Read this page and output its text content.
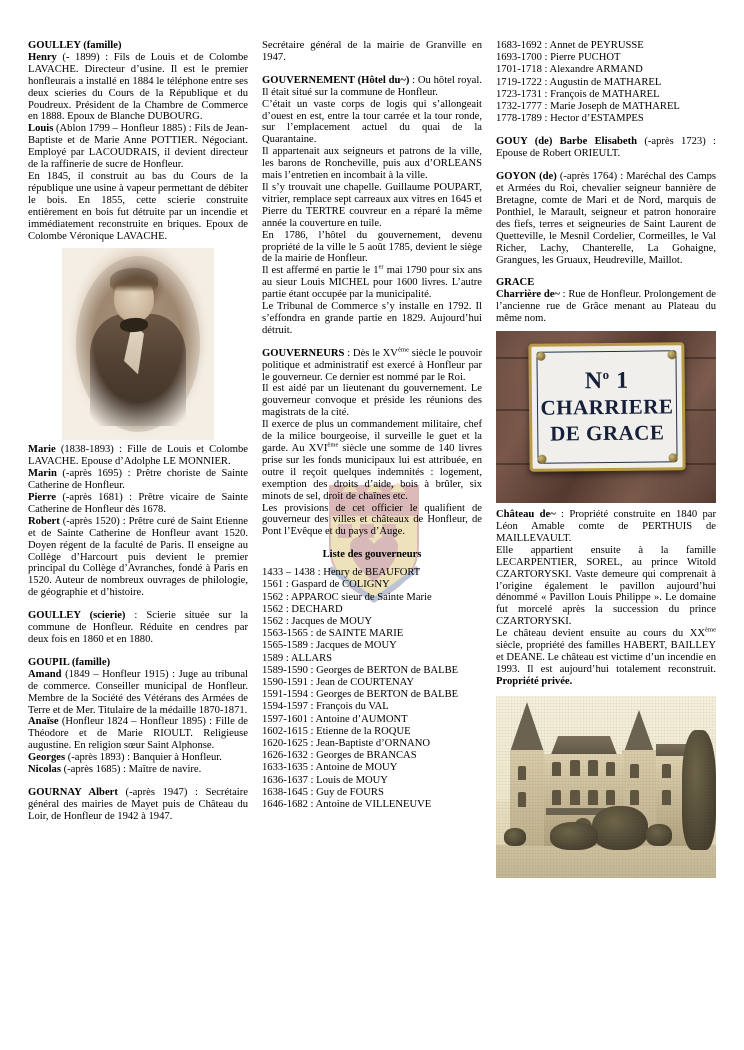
GOULLEY (famille)

Henry (- 1899) : Fils de Louis et de Colombe LAVACHE. Directeur d’usine. Il est le premier honfleurais a installé en 1884 le téléphone entre ses deux scieries du Cours de la République et du Poudreux. Président de la Chambre de Commerce en 1888. Epoux de Blanche DUBOURG.

Louis (Ablon 1799 – Honfleur 1885) : Fils de Jean-Baptiste et de Marie Anne POTTIER. Négociant. Employé par LACOUDRAIS, il devient directeur de la raffinerie de sucre de Honfleur.

En 1845, il construit au bas du Cours de la république une usine à vapeur permettant de débiter le bois. En 1855, cette scierie construite entièrement en bois fut détruite par un incendie et immédiatement reconstruite en briques. Epoux de Colombe Véronique LAVACHE.

Marie (1838-1893) : Fille de Louis et Colombe LAVACHE. Epouse d’Adolphe LE MONNIER.

Marin (-après 1695) : Prêtre choriste de Sainte Catherine de Honfleur.

Pierre (-après 1681) : Prêtre vicaire de Sainte Catherine de Honfleur dès 1678.

Robert (-après 1520) : Prêtre curé de Saint Etienne et de Sainte Catherine de Honfleur avant 1520. Doyen régent de la faculté de Paris. Il enseigne au Collège d’Harcourt puis devient le premier principal du Collège d’Avranches, fondé à Paris en 1520. Auteur de nombreux ouvrages de philologie, de géographie et d’histoire.

GOULLEY (scierie) : Scierie située sur la commune de Honfleur. Réduite en cendres par deux fois en 1860 et en 1880.

GOUPIL (famille)

Amand (1849 – Honfleur 1915) : Juge au tribunal de commerce. Conseiller municipal de Honfleur. Membre de la Société des Vétérans des Armées de Terre et de Mer. Titulaire de la médaille 1870-1871.

Anaïse (Honfleur 1824 – Honfleur 1895) : Fille de Théodore et de Marie RIOULT. Religieuse augustine. En religion sœur Saint Alphonse.

Georges (-après 1893) : Banquier à Honfleur.

Nicolas (-après 1685) : Maître de navire.

GOURNAY Albert (-après 1947) : Secrétaire général des mairies de Mayet puis de Château du Loir, de Honfleur de 1942 à 1947.

Secrétaire général de la mairie de Granville en 1947.

GOUVERNEMENT (Hôtel du~) : Ou hôtel royal. Il était situé sur la commune de Honfleur.

C’était un vaste corps de logis qui s’allongeait d’ouest en est, entre la tour carrée et la tour ronde, sur l’emplacement actuel du quai de la Quarantaine.

Il appartenait aux seigneurs et patrons de la ville, les barons de Roncheville, puis aux d’ORLEANS mais l’entretien en incombait à la ville.

Il s’y trouvait une chapelle. Guillaume POUPART, vitrier, remplace sept carreaux aux vitres en 1645 et Pierre du TERTRE couvreur en a réparé la même année la couverture en tuile.

En 1786, l’hôtel du gouvernement, devenu propriété de la ville le 5 août 1785, devient le siège de la mairie de Honfleur.

Il est affermé en partie le 1er mai 1790 pour six ans au sieur Louis MICHEL pour 1600 livres. L’autre partie étant occupée par la municipalité.

Le Tribunal de Commerce s’y installe en 1792. Il s’effondra en grande partie en 1829. Aujourd’hui détruit.

GOUVERNEURS : Dès le XVème siècle le pouvoir politique et administratif est exercé à Honfleur par le gouverneur. Ce dernier est nommé par le Roi.

Il est aidé par un lieutenant du gouvernement. Le gouverneur convoque et préside les réunions des magistrats de la cité.

Il exerce de plus un commandement militaire, chef de la milice bourgeoise, il surveille le guet et la garde. Au XVIème siècle une somme de 140 livres prise sur les fonds municipaux lui est attribuée, en outre il reçoit quelques indemnités : logement, exemption des droits d’aide, bois à brûler, six minots de sel, droit de chaînes etc.

Les provisions de cet officier le qualifient de gouverneur des villes et châteaux de Honfleur, de Pont l’Evêque et du pays d’Auge.

Liste des gouverneurs

1433 – 1438 : Henry de BEAUFORT

1561 : Gaspard de COLIGNY

1562 : APPAROC sieur de Sainte Marie

1562 : DECHARD

1562 : Jacques de MOUY

1563-1565 : de SAINTE MARIE

1565-1589 : Jacques de MOUY

1589 : ALLARS

1589-1590 : Georges de BERTON de BALBE

1590-1591 : Jean de COURTENAY

1591-1594 : Georges de BERTON de BALBE

1594-1597 : François du VAL

1597-1601 : Antoine d’AUMONT

1602-1615 : Etienne de la ROQUE

1620-1625 : Jean-Baptiste d’ORNANO

1626-1632 : Georges de BRANCAS

1633-1635 : Antoine de MOUY

1636-1637 : Louis de MOUY

1638-1645 : Guy de FOURS

1646-1682 : Antoine de VILLENEUVE

1683-1692 : Annet de PEYRUSSE

1693-1700 : Pierre PUCHOT

1701-1718 : Alexandre ARMAND

1719-1722 : Augustin de MATHAREL

1723-1731 : François de MATHAREL

1732-1777 : Marie Joseph de MATHAREL

1778-1789 : Hector d’ESTAMPES

GOUY (de) Barbe Elisabeth (-après 1723) : Epouse de Robert ORIEULT.

GOYON (de) (-après 1764) : Maréchal des Camps et Armées du Roi, chevalier seigneur bannière de Bretagne, comte de Mari et de Nord, marquis de Ponthiel, le Marault, seigneur et patron honoraire des fiefs, terres et seigneuries de Saint Laurent de Quetteville, le Mesnil Cordelier, Cormeilles, le Val Richer, Lachy, Chanterelle, La Gohaigne, Grangues, les Gruaux, Heudreville, Maillot.

GRACE

Charrière de~ : Rue de Honfleur. Prolongement de l’ancienne rue de Grâce menant au Plateau du même nom.

$N^o$ 1
CHARRIERE
DE GRACE

Château de~ : Propriété construite en 1840 par Léon Amable comte de PERTHUIS de MAILLEVAULT.

Elle appartient ensuite à la famille LECARPENTIER, SOREL, au prince Witold CZARTORYSKI. Vaste demeure qui comprenait à l’origine également le pavillon aujourd’hui dénommé « Pavillon Louis Philippe ». Le domaine fut morcelé après la succession du prince CZARTORYSKI.

Le château devient ensuite au cours du XXème siècle, propriété des familles HABERT, BAILLEY et DEANE. Le château est victime d’un incendie en 1993. Il est aujourd’hui totalement reconstruit. Propriété privée.
